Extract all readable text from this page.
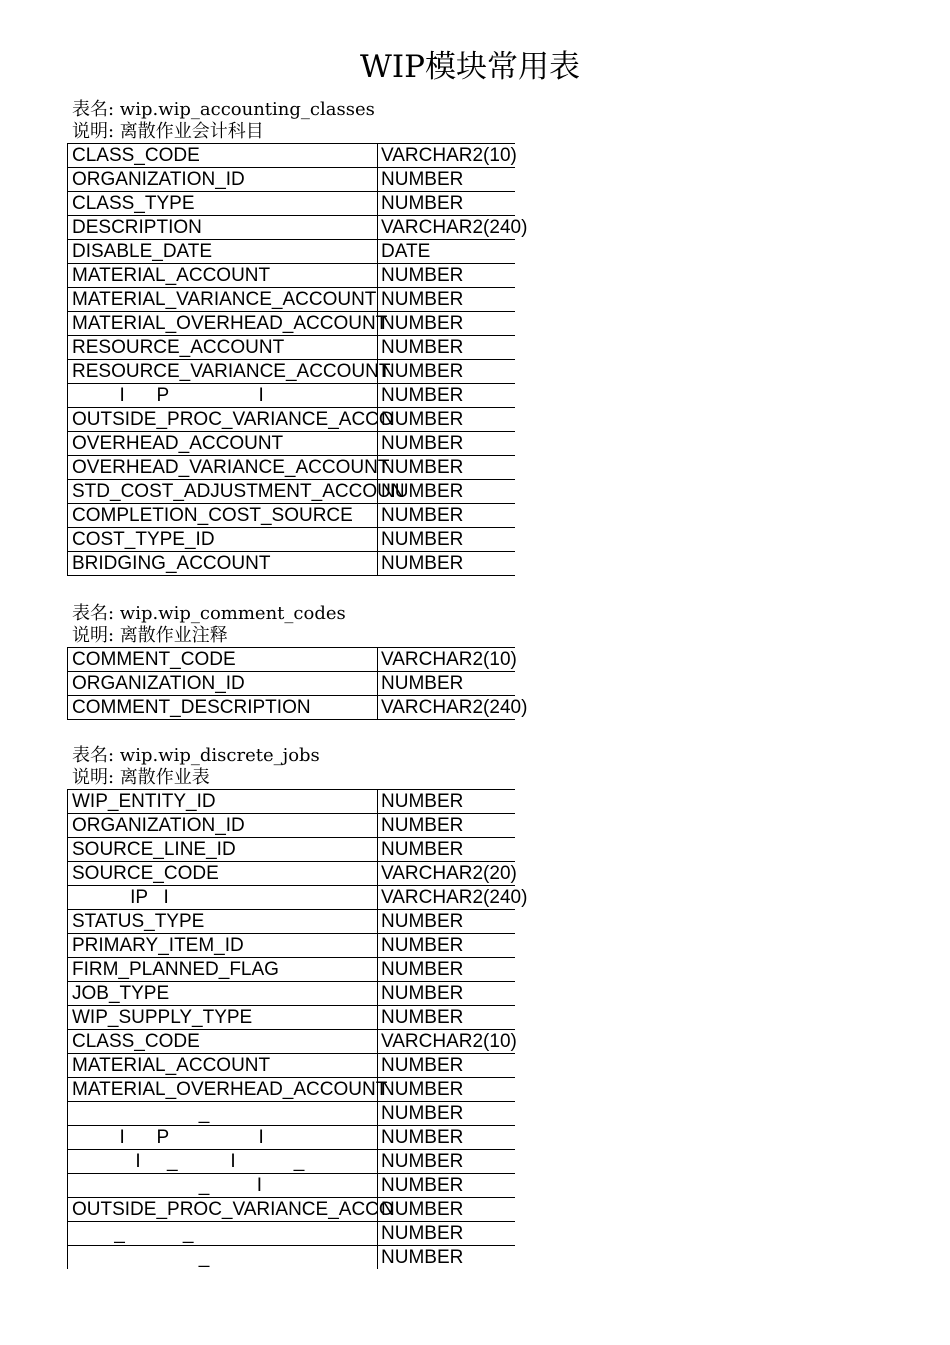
WIP模块常用表
表名: wip.wip_accounting_classes
说明: 离散作业会计科目
CLASS_CODE	VARCHAR2(10)
ORGANIZATION_ID	NUMBER
CLASS_TYPE	NUMBER
DESCRIPTION	VARCHAR2(240)
DISABLE_DATE	DATE
MATERIAL_ACCOUNT	NUMBER
MATERIAL_VARIANCE_ACCOUNT	NUMBER
MATERIAL_OVERHEAD_ACCOUNT	NUMBER
RESOURCE_ACCOUNT	NUMBER
RESOURCE_VARIANCE_ACCOUNT	NUMBER
I      P                 I	NUMBER
OUTSIDE_PROC_VARIANCE_ACCO	NUMBER
OVERHEAD_ACCOUNT	NUMBER
OVERHEAD_VARIANCE_ACCOUNT	NUMBER
STD_COST_ADJUSTMENT_ACCOUN	NUMBER
COMPLETION_COST_SOURCE	NUMBER
COST_TYPE_ID	NUMBER
BRIDGING_ACCOUNT	NUMBER
表名: wip.wip_comment_codes
说明: 离散作业注释
COMMENT_CODE	VARCHAR2(10)
ORGANIZATION_ID	NUMBER
COMMENT_DESCRIPTION	VARCHAR2(240)
表名: wip.wip_discrete_jobs
说明: 离散作业表
WIP_ENTITY_ID	NUMBER
ORGANIZATION_ID	NUMBER
SOURCE_LINE_ID	NUMBER
SOURCE_CODE	VARCHAR2(20)
IP   I	VARCHAR2(240)
STATUS_TYPE	NUMBER
PRIMARY_ITEM_ID	NUMBER
FIRM_PLANNED_FLAG	NUMBER
JOB_TYPE	NUMBER
WIP_SUPPLY_TYPE	NUMBER
CLASS_CODE	VARCHAR2(10)
MATERIAL_ACCOUNT	NUMBER
MATERIAL_OVERHEAD_ACCOUNT	NUMBER
_	NUMBER
I      P                 I	NUMBER
I     _          I           _	NUMBER
_         I	NUMBER
OUTSIDE_PROC_VARIANCE_ACCO	NUMBER
_           _	NUMBER
_	NUMBER
